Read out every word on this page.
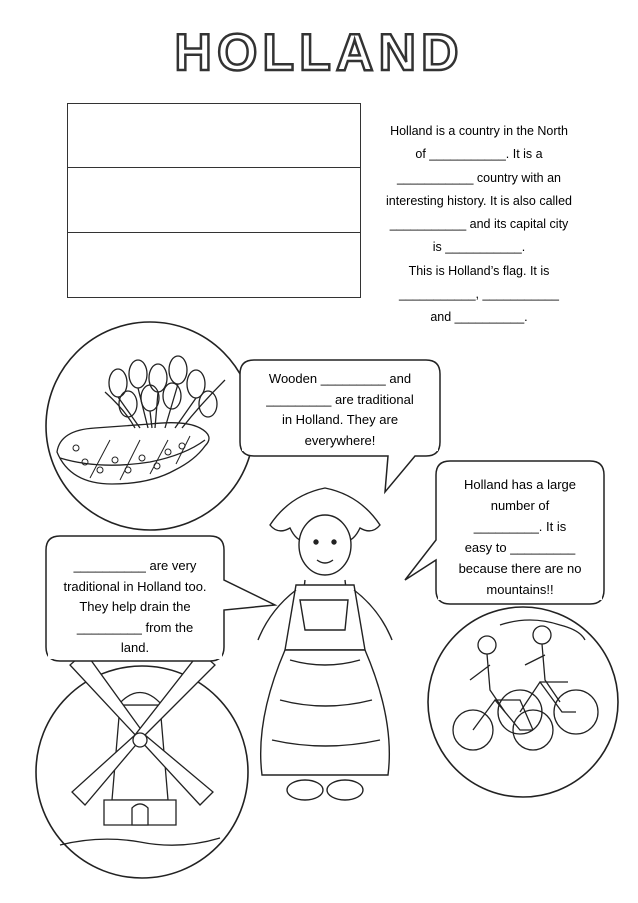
HOLLAND
Holland is a country in the North
of ___________. It is a
___________ country with an
interesting history. It is also called
___________ and its capital city
is ___________.
This is Holland’s flag. It is
___________, ___________
and __________.
Wooden _________ and
_________ are traditional
in Holland. They are
everywhere!
Holland has a large
number of
_________. It is
easy to _________
because there are no
mountains!!
__________ are very
traditional in Holland too.
They help drain the
_________ from the
land.
